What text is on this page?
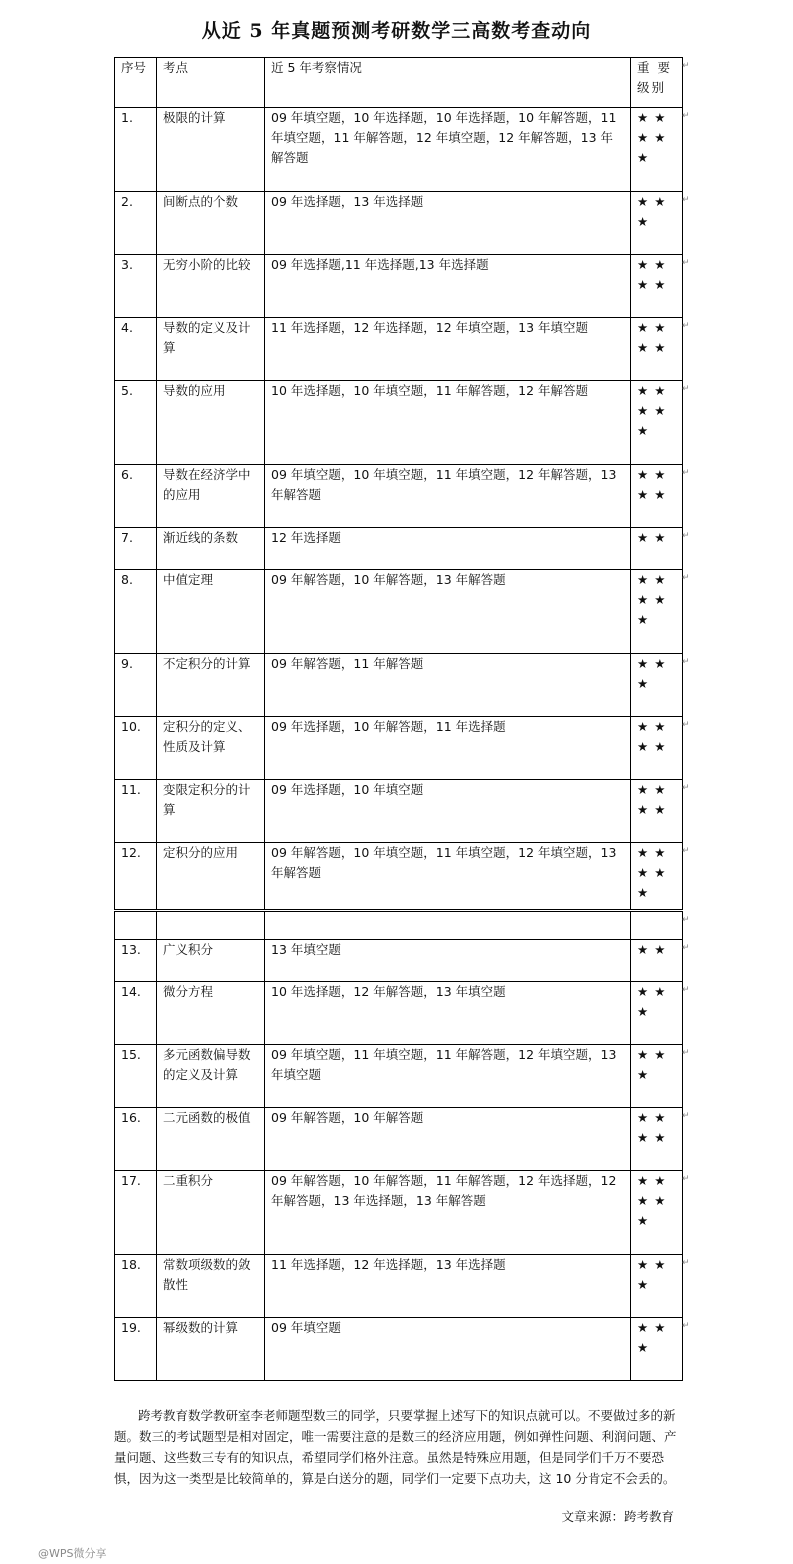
从近 5 年真题预测考研数学三高数考查动向
序号	考点	近 5 年考察情况	重 要 级别
1.	极限的计算	09 年填空题，10 年选择题，10 年选择题，10 年解答题，11 年填空题，11 年解答题，12 年填空题，12 年解答题，13 年解答题	★★★★★
2.	间断点的个数	09 年选择题，13 年选择题	★★★
3.	无穷小阶的比较	09 年选择题,11 年选择题,13 年选择题	★★★★
4.	导数的定义及计算	11 年选择题，12 年选择题，12 年填空题，13 年填空题	★★★★
5.	导数的应用	10 年选择题，10 年填空题，11 年解答题，12 年解答题	★★★★★
6.	导数在经济学中的应用	09 年填空题，10 年填空题，11 年填空题，12 年解答题，13 年解答题	★★★★
7.	渐近线的条数	12 年选择题	★★
8.	中值定理	09 年解答题，10 年解答题，13 年解答题	★★★★★
9.	不定积分的计算	09 年解答题，11 年解答题	★★★
10.	定积分的定义、性质及计算	09 年选择题，10 年解答题，11 年选择题	★★★★
11.	变限定积分的计算	09 年选择题，10 年填空题	★★★★
12.	定积分的应用	09 年解答题，10 年填空题，11 年填空题，12 年填空题，13 年解答题	★★★★★

13.	广义积分	13 年填空题	★★
14.	微分方程	10 年选择题，12 年解答题，13 年填空题	★★★
15.	多元函数偏导数的定义及计算	09 年填空题，11 年填空题，11 年解答题，12 年填空题，13 年填空题	★★★
16.	二元函数的极值	09 年解答题，10 年解答题	★★★★
17.	二重积分	09 年解答题，10 年解答题，11 年解答题，12 年选择题，12 年解答题，13 年选择题，13 年解答题	★★★★★
18.	常数项级数的敛散性	11 年选择题，12 年选择题，13 年选择题	★★★
19.	幂级数的计算	09 年填空题	★★★
↵
↵
↵
↵
↵
↵
↵
↵
↵
↵
↵
↵
↵
↵
↵
↵
↵
↵
↵
↵
↵
跨考教育数学教研室李老师题型数三的同学，只要掌握上述写下的知识点就可以。不要做过多的新题。数三的考试题型是相对固定，唯一需要注意的是数三的经济应用题，例如弹性问题、利润问题、产量问题、这些数三专有的知识点，希望同学们格外注意。虽然是特殊应用题，但是同学们千万不要恐惧，因为这一类型是比较简单的，算是白送分的题，同学们一定要下点功夫，这 10 分肯定不会丢的。
文章来源：跨考教育
@WPS微分享
